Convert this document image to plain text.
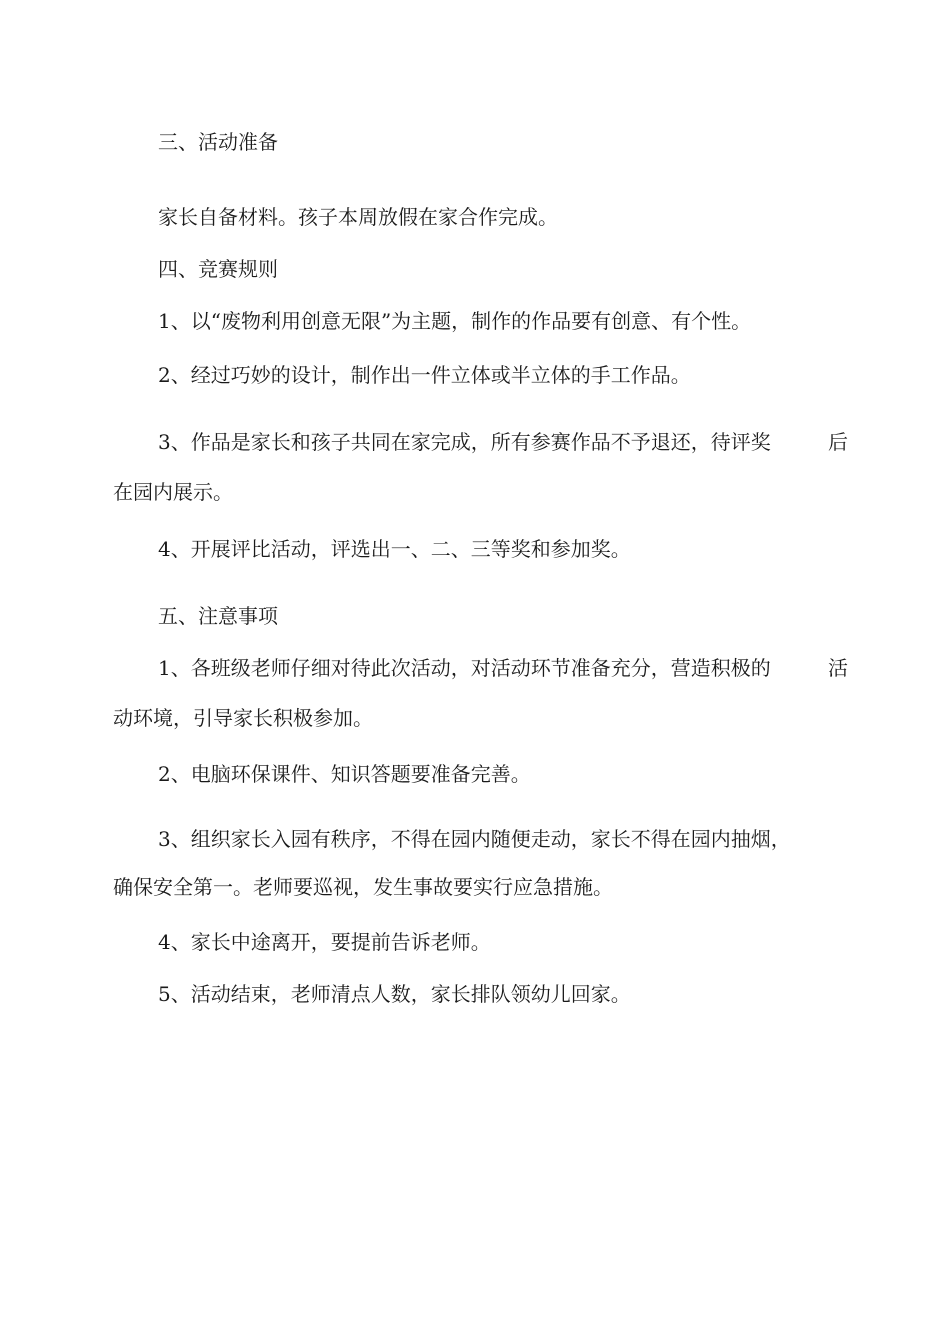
三、活动准备
家长自备材料。孩子本周放假在家合作完成。
四、竞赛规则
1、以“废物利用创意无限”为主题，制作的作品要有创意、有个性。
2、经过巧妙的设计，制作出一件立体或半立体的手工作品。
3、作品是家长和孩子共同在家完成，所有参赛作品不予退还，待评奖	后
在园内展示。
4、开展评比活动，评选出一、二、三等奖和参加奖。
五、注意事项
1、各班级老师仔细对待此次活动，对活动环节准备充分，营造积极的	活
动环境，引导家长积极参加。
2、电脑环保课件、知识答题要准备完善。
3、组织家长入园有秩序，不得在园内随便走动，家长不得在园内抽烟，
确保安全第一。老师要巡视，发生事故要实行应急措施。
4、家长中途离开，要提前告诉老师。
5、活动结束，老师清点人数，家长排队领幼儿回家。
